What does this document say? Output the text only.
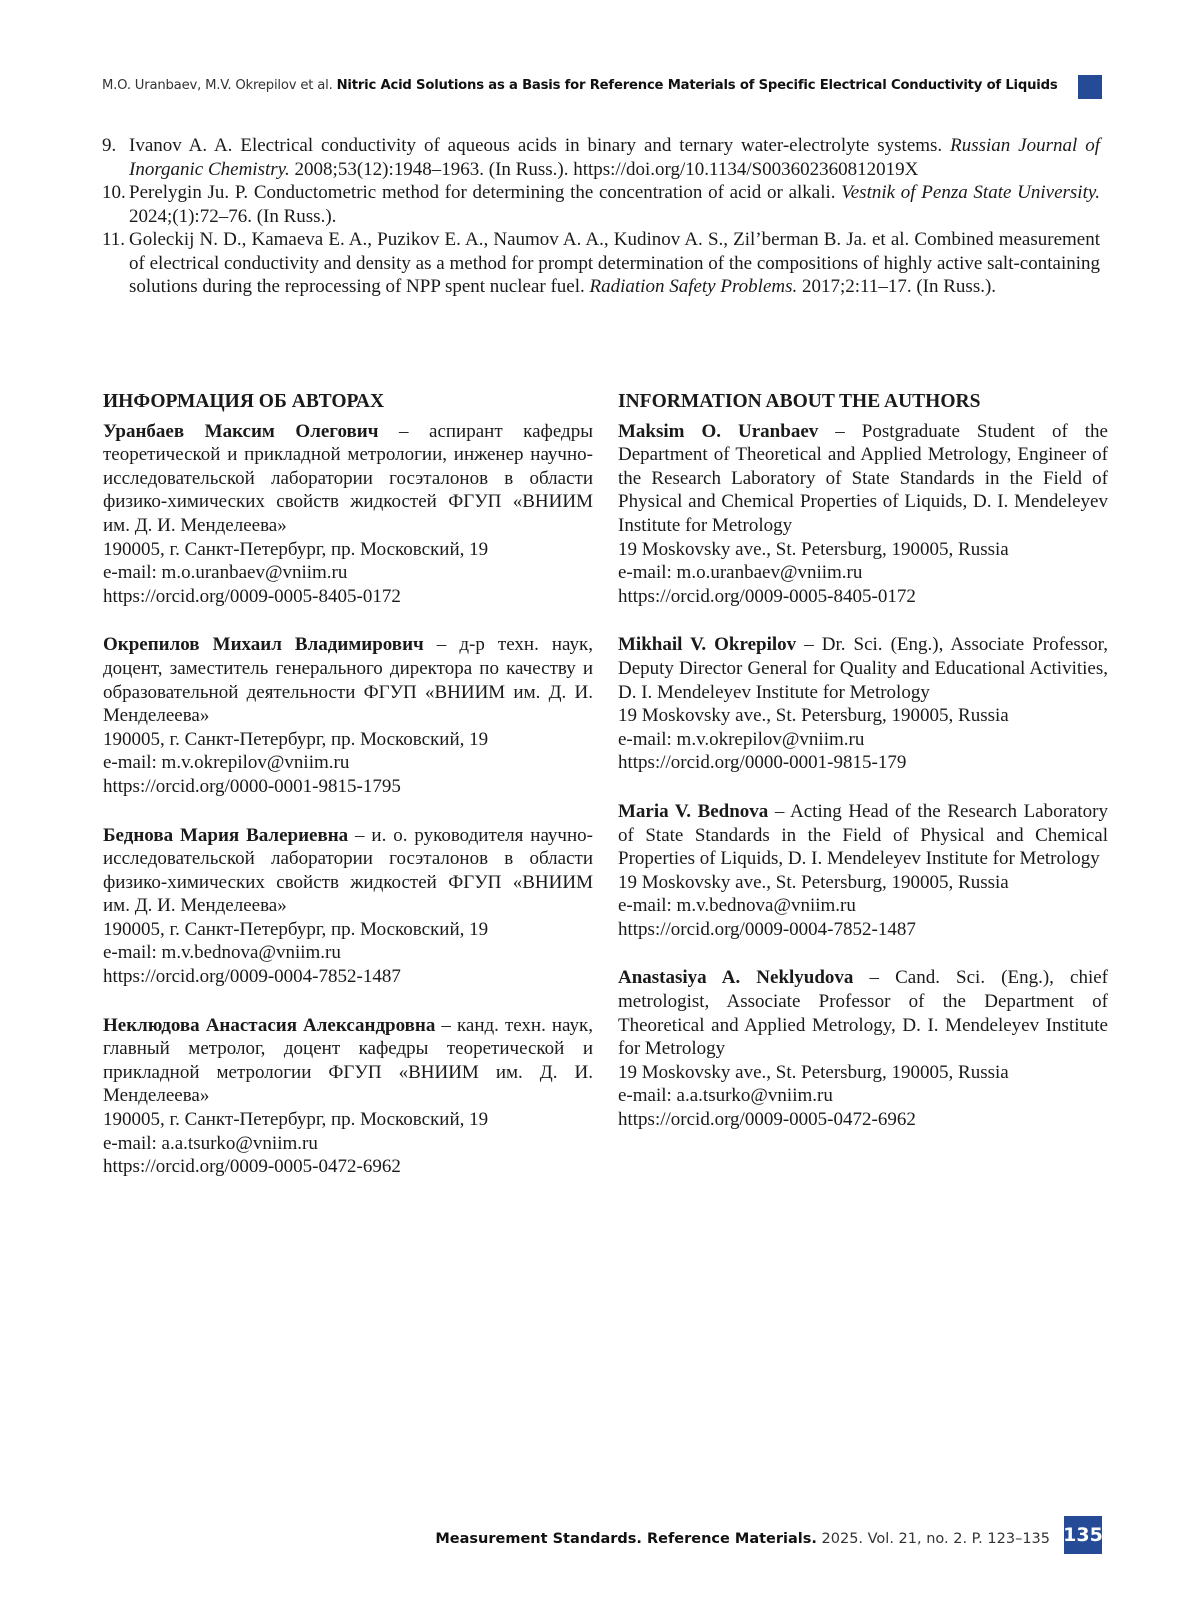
M.O. Uranbaev, M.V. Okrepilov et al. Nitric Acid Solutions as a Basis for Reference Materials of Specific Electrical Conductivity of Liquids
9. Ivanov A. A. Electrical conductivity of aqueous acids in binary and ternary water-electrolyte systems. Russian Journal of Inorganic Chemistry. 2008;53(12):1948–1963. (In Russ.). https://doi.org/10.1134/S003602360812019X
10. Perelygin Ju. P. Conductometric method for determining the concentration of acid or alkali. Vestnik of Penza State University. 2024;(1):72–76. (In Russ.).
11. Goleckij N. D., Kamaeva E. A., Puzikov E. A., Naumov A. A., Kudinov A. S., Zil’berman B. Ja. et al. Combined measurement of electrical conductivity and density as a method for prompt determination of the compositions of highly active salt-containing solutions during the reprocessing of NPP spent nuclear fuel. Radiation Safety Problems. 2017;2:11–17. (In Russ.).
ИНФОРМАЦИЯ ОБ АВТОРАХ
Уранбаев Максим Олегович – аспирант кафедры теоретической и прикладной метрологии, инженер научно-исследовательской лаборатории госэталонов в области физико-химических свойств жидкостей ФГУП «ВНИИМ им. Д. И. Менделеева»
190005, г. Санкт-Петербург, пр. Московский, 19
e-mail: m.o.uranbaev@vniim.ru
https://orcid.org/0009-0005-8405-0172
Окрепилов Михаил Владимирович – д-р техн. наук, доцент, заместитель генерального директора по качеству и образовательной деятельности ФГУП «ВНИИМ им. Д. И. Менделеева»
190005, г. Санкт-Петербург, пр. Московский, 19
e-mail: m.v.okrepilov@vniim.ru
https://orcid.org/0000-0001-9815-1795
Беднова Мария Валериевна – и. о. руководителя научно-исследовательской лаборатории госэталонов в области физико-химических свойств жидкостей ФГУП «ВНИИМ им. Д. И. Менделеева»
190005, г. Санкт-Петербург, пр. Московский, 19
e-mail: m.v.bednova@vniim.ru
https://orcid.org/0009-0004-7852-1487
Неклюдова Анастасия Александровна – канд. техн. наук, главный метролог, доцент кафедры теоретической и прикладной метрологии ФГУП «ВНИИМ им. Д. И. Менделеева»
190005, г. Санкт-Петербург, пр. Московский, 19
e-mail: a.a.tsurko@vniim.ru
https://orcid.org/0009-0005-0472-6962
INFORMATION ABOUT THE AUTHORS
Maksim O. Uranbaev – Postgraduate Student of the Department of Theoretical and Applied Metrology, Engineer of the Research Laboratory of State Standards in the Field of Physical and Chemical Properties of Liquids, D. I. Mendeleyev Institute for Metrology
19 Moskovsky ave., St. Petersburg, 190005, Russia
e-mail: m.o.uranbaev@vniim.ru
https://orcid.org/0009-0005-8405-0172
Mikhail V. Okrepilov – Dr. Sci. (Eng.), Associate Professor, Deputy Director General for Quality and Educational Activities, D. I. Mendeleyev Institute for Metrology
19 Moskovsky ave., St. Petersburg, 190005, Russia
e-mail: m.v.okrepilov@vniim.ru
https://orcid.org/0000-0001-9815-179
Maria V. Bednova – Acting Head of the Research Laboratory of State Standards in the Field of Physical and Chemical Properties of Liquids, D. I. Mendeleyev Institute for Metrology
19 Moskovsky ave., St. Petersburg, 190005, Russia
e-mail: m.v.bednova@vniim.ru
https://orcid.org/0009-0004-7852-1487
Anastasiya A. Neklyudova – Cand. Sci. (Eng.), chief metrologist, Associate Professor of the Department of Theoretical and Applied Metrology, D. I. Mendeleyev Institute for Metrology
19 Moskovsky ave., St. Petersburg, 190005, Russia
e-mail: a.a.tsurko@vniim.ru
https://orcid.org/0009-0005-0472-6962
Measurement Standards. Reference Materials. 2025. Vol. 21, no. 2. P. 123–135 135
